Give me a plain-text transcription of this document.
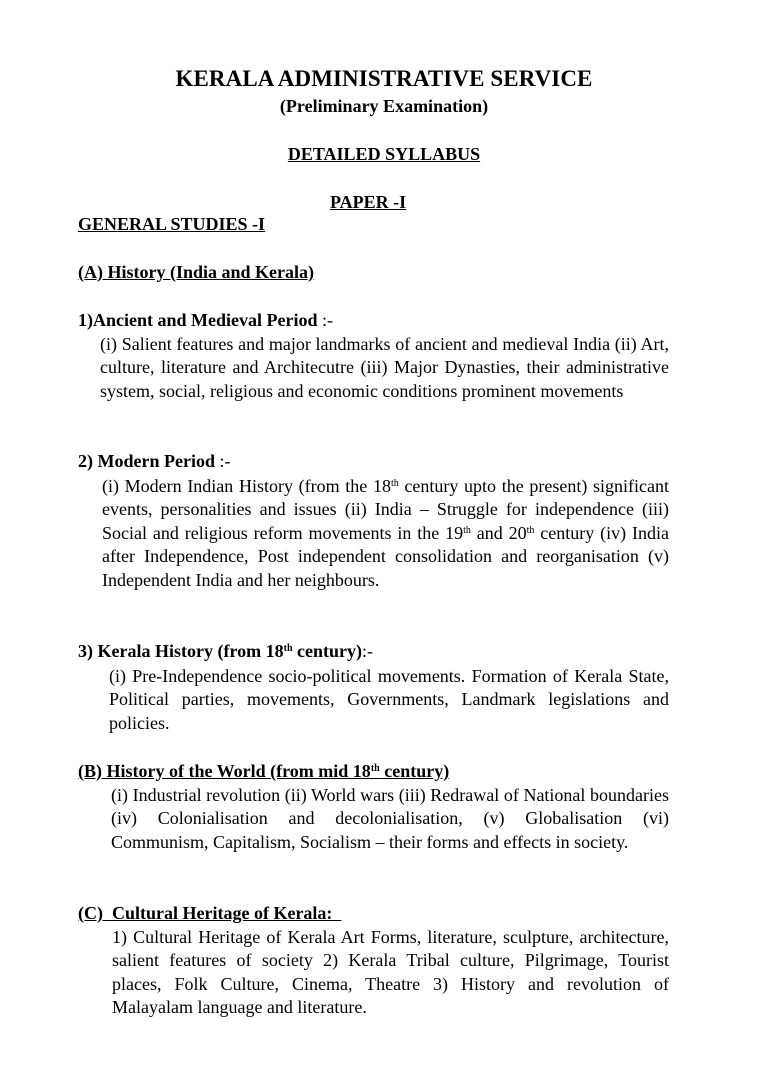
KERALA ADMINISTRATIVE SERVICE
(Preliminary Examination)
DETAILED SYLLABUS
PAPER -I
GENERAL STUDIES -I
(A) History (India and Kerala)
1)Ancient and Medieval Period :-
(i) Salient features and major landmarks of ancient and medieval India (ii) Art, culture, literature and Architecutre (iii) Major Dynasties, their administrative system, social, religious and economic conditions prominent movements
2) Modern Period :-
(i) Modern Indian History (from the 18th century upto the present) significant events, personalities and issues (ii) India – Struggle for independence (iii) Social and religious reform movements in the 19th and 20th century (iv) India after Independence, Post independent consolidation and reorganisation (v) Independent India and her neighbours.
3) Kerala History (from 18th century):-
(i) Pre-Independence socio-political movements. Formation of Kerala State, Political parties, movements, Governments, Landmark legislations and policies.
(B) History of the World (from mid 18th century)
(i) Industrial revolution (ii) World wars (iii) Redrawal of National boundaries (iv) Colonialisation and decolonialisation, (v) Globalisation (vi) Communism, Capitalism, Socialism – their forms and effects in society.
(C)  Cultural Heritage of Kerala:
1) Cultural Heritage of Kerala Art Forms, literature, sculpture, architecture, salient features of society 2) Kerala Tribal culture, Pilgrimage, Tourist places, Folk Culture, Cinema, Theatre 3) History and revolution of Malayalam language and literature.
